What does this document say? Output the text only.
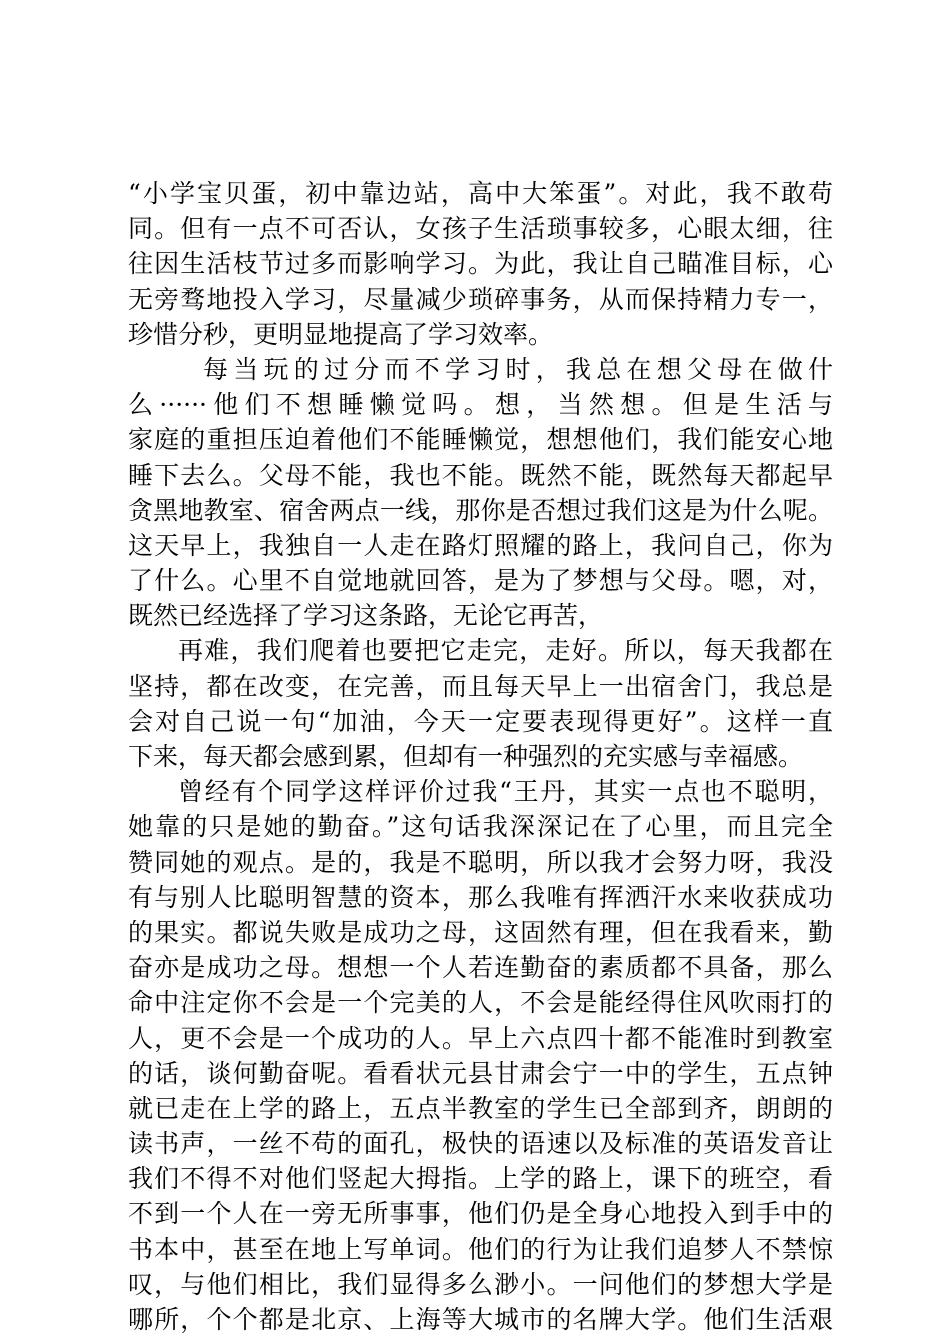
“小学宝贝蛋，初中靠边站，高中大笨蛋”。对此，我不敢苟
同。但有一点不可否认，女孩子生活琐事较多，心眼太细，往
往因生活枝节过多而影响学习。为此，我让自己瞄准目标，心
无旁骛地投入学习，尽量减少琐碎事务，从而保持精力专一，
珍惜分秒，更明显地提高了学习效率。
每当玩的过分而不学习时，我总在想父母在做什
么······他们不想睡懒觉吗。想，当然想。但是生活与
家庭的重担压迫着他们不能睡懒觉，想想他们，我们能安心地
睡下去么。父母不能，我也不能。既然不能，既然每天都起早
贪黑地教室、宿舍两点一线，那你是否想过我们这是为什么呢。
这天早上，我独自一人走在路灯照耀的路上，我问自己，你为
了什么。心里不自觉地就回答，是为了梦想与父母。嗯，对，
既然已经选择了学习这条路，无论它再苦，
再难，我们爬着也要把它走完，走好。所以，每天我都在
坚持，都在改变，在完善，而且每天早上一出宿舍门，我总是
会对自己说一句“加油，今天一定要表现得更好”。这样一直
下来，每天都会感到累，但却有一种强烈的充实感与幸福感。
曾经有个同学这样评价过我“王丹，其实一点也不聪明，
她靠的只是她的勤奋。”这句话我深深记在了心里，而且完全
赞同她的观点。是的，我是不聪明，所以我才会努力呀，我没
有与别人比聪明智慧的资本，那么我唯有挥洒汗水来收获成功
的果实。都说失败是成功之母，这固然有理，但在我看来，勤
奋亦是成功之母。想想一个人若连勤奋的素质都不具备，那么
命中注定你不会是一个完美的人，不会是能经得住风吹雨打的
人，更不会是一个成功的人。早上六点四十都不能准时到教室
的话，谈何勤奋呢。看看状元县甘肃会宁一中的学生，五点钟
就已走在上学的路上，五点半教室的学生已全部到齐，朗朗的
读书声，一丝不苟的面孔，极快的语速以及标准的英语发音让
我们不得不对他们竖起大拇指。上学的路上，课下的班空，看
不到一个人在一旁无所事事，他们仍是全身心地投入到手中的
书本中，甚至在地上写单词。他们的行为让我们追梦人不禁惊
叹，与他们相比，我们显得多么渺小。一问他们的梦想大学是
哪所，个个都是北京、上海等大城市的名牌大学。他们生活艰
